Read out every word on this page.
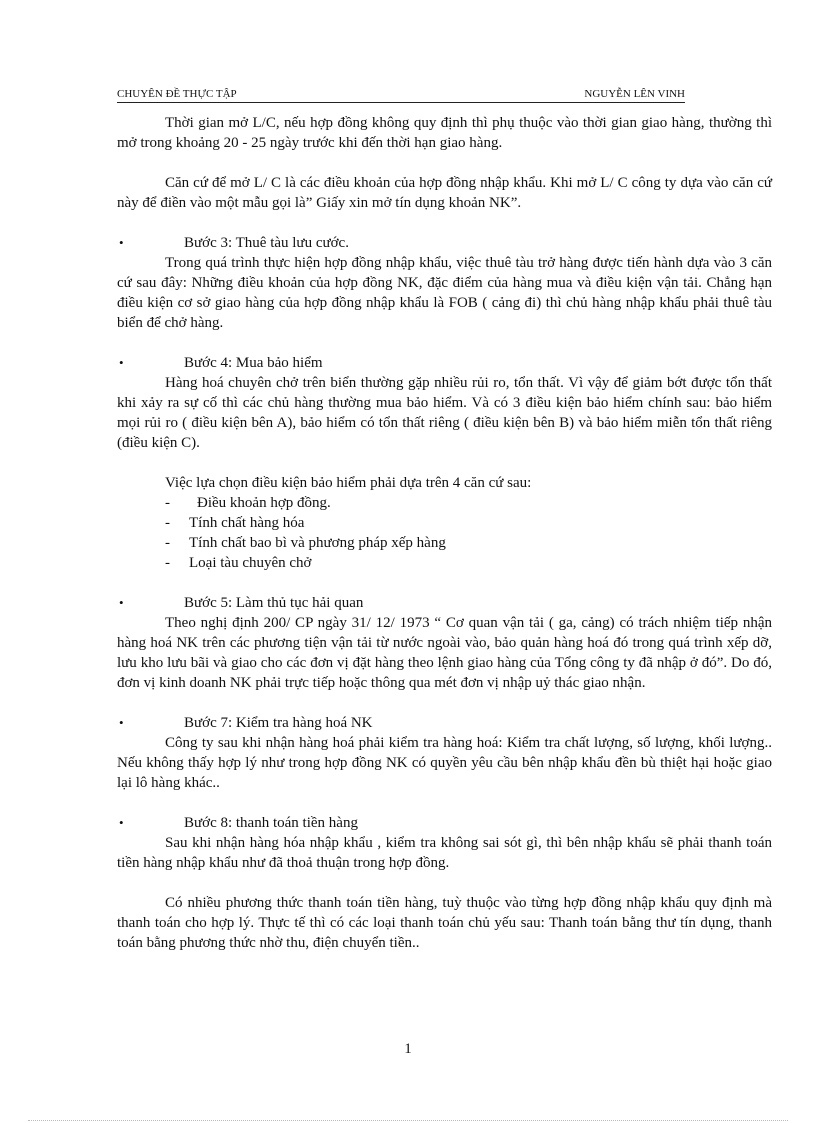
CHUYÊN ĐỀ THỰC TẬP	NGUYỄN LÊN VINH

Thời gian mở L/C, nếu hợp đồng không quy định thì phụ thuộc vào thời gian giao hàng, thường thì mở trong khoảng 20 - 25 ngày trước khi đến thời hạn giao hàng.

Căn cứ để mở L/ C là các điều khoản của hợp đồng nhập khẩu. Khi mở L/ C công ty dựa vào căn cứ này để điền vào một mẫu gọi là” Giấy xin mở tín dụng khoản NK”.

•	Bước 3: Thuê tàu lưu cước.

Trong quá trình thực hiện hợp đồng nhập khẩu, việc thuê tàu trở hàng được tiến hành dựa vào 3 căn cứ sau đây: Những điều khoản của hợp đồng NK, đặc điểm của hàng mua và điều kiện vận tải. Chẳng hạn điều kiện cơ sở giao hàng của hợp đồng nhập khẩu là FOB ( cảng đi) thì chủ hàng nhập khẩu phải thuê tàu biển để chở hàng.

•	Bước 4: Mua bảo hiểm

Hàng hoá chuyên chở trên biển thường gặp nhiều rủi ro, tổn thất. Vì vậy để giảm bớt được tổn thất khi xảy ra sự cố thì các chủ hàng thường mua bảo hiểm. Và có 3 điều kiện bảo hiểm chính sau: bảo hiểm mọi rủi ro ( điều kiện bên A), bảo hiểm có tổn thất riêng ( điều kiện bên B) và bảo hiểm miễn tổn thất riêng (điều kiện C).

Việc lựa chọn điều kiện bảo hiểm phải dựa trên 4 căn cứ sau:

- Điều khoản hợp đồng.

- Tính chất hàng hóa

- Tính chất bao bì và phương pháp xếp hàng

- Loại tàu chuyên chở

•	Bước 5: Làm thủ tục hải quan

Theo nghị định 200/ CP ngày 31/ 12/ 1973 “ Cơ quan vận tải ( ga, cảng) có trách nhiệm tiếp nhận hàng hoá NK trên các phương tiện vận tải từ nước ngoài vào, bảo quản hàng hoá đó trong quá trình xếp dỡ, lưu kho lưu bãi và giao cho các đơn vị đặt hàng theo lệnh giao hàng của Tổng công ty đã nhập ở đó”. Do đó, đơn vị kinh doanh NK phải trực tiếp hoặc thông qua mét đơn vị nhập uỷ thác giao nhận.

•	Bước 7: Kiểm tra hàng hoá NK

Công ty sau khi nhận hàng hoá phải kiểm tra hàng hoá: Kiểm tra chất lượng, số lượng, khối lượng.. Nếu không thấy hợp lý như trong hợp đồng NK có quyền yêu cầu bên nhập khẩu đền bù thiệt hại hoặc giao lại lô hàng khác..

•	Bước 8: thanh toán tiền hàng

Sau khi nhận hàng hóa nhập khẩu , kiểm tra không sai sót gì, thì bên nhập khẩu sẽ phải thanh toán tiền hàng nhập khẩu như đã thoả thuận trong hợp đồng.

Có nhiều phương thức thanh toán tiền hàng, tuỳ thuộc vào từng hợp đồng nhập khẩu quy định mà thanh toán cho hợp lý. Thực tế thì có các loại thanh toán chủ yếu sau: Thanh toán bằng thư tín dụng, thanh toán bằng phương thức nhờ thu, điện chuyển tiền..

1
